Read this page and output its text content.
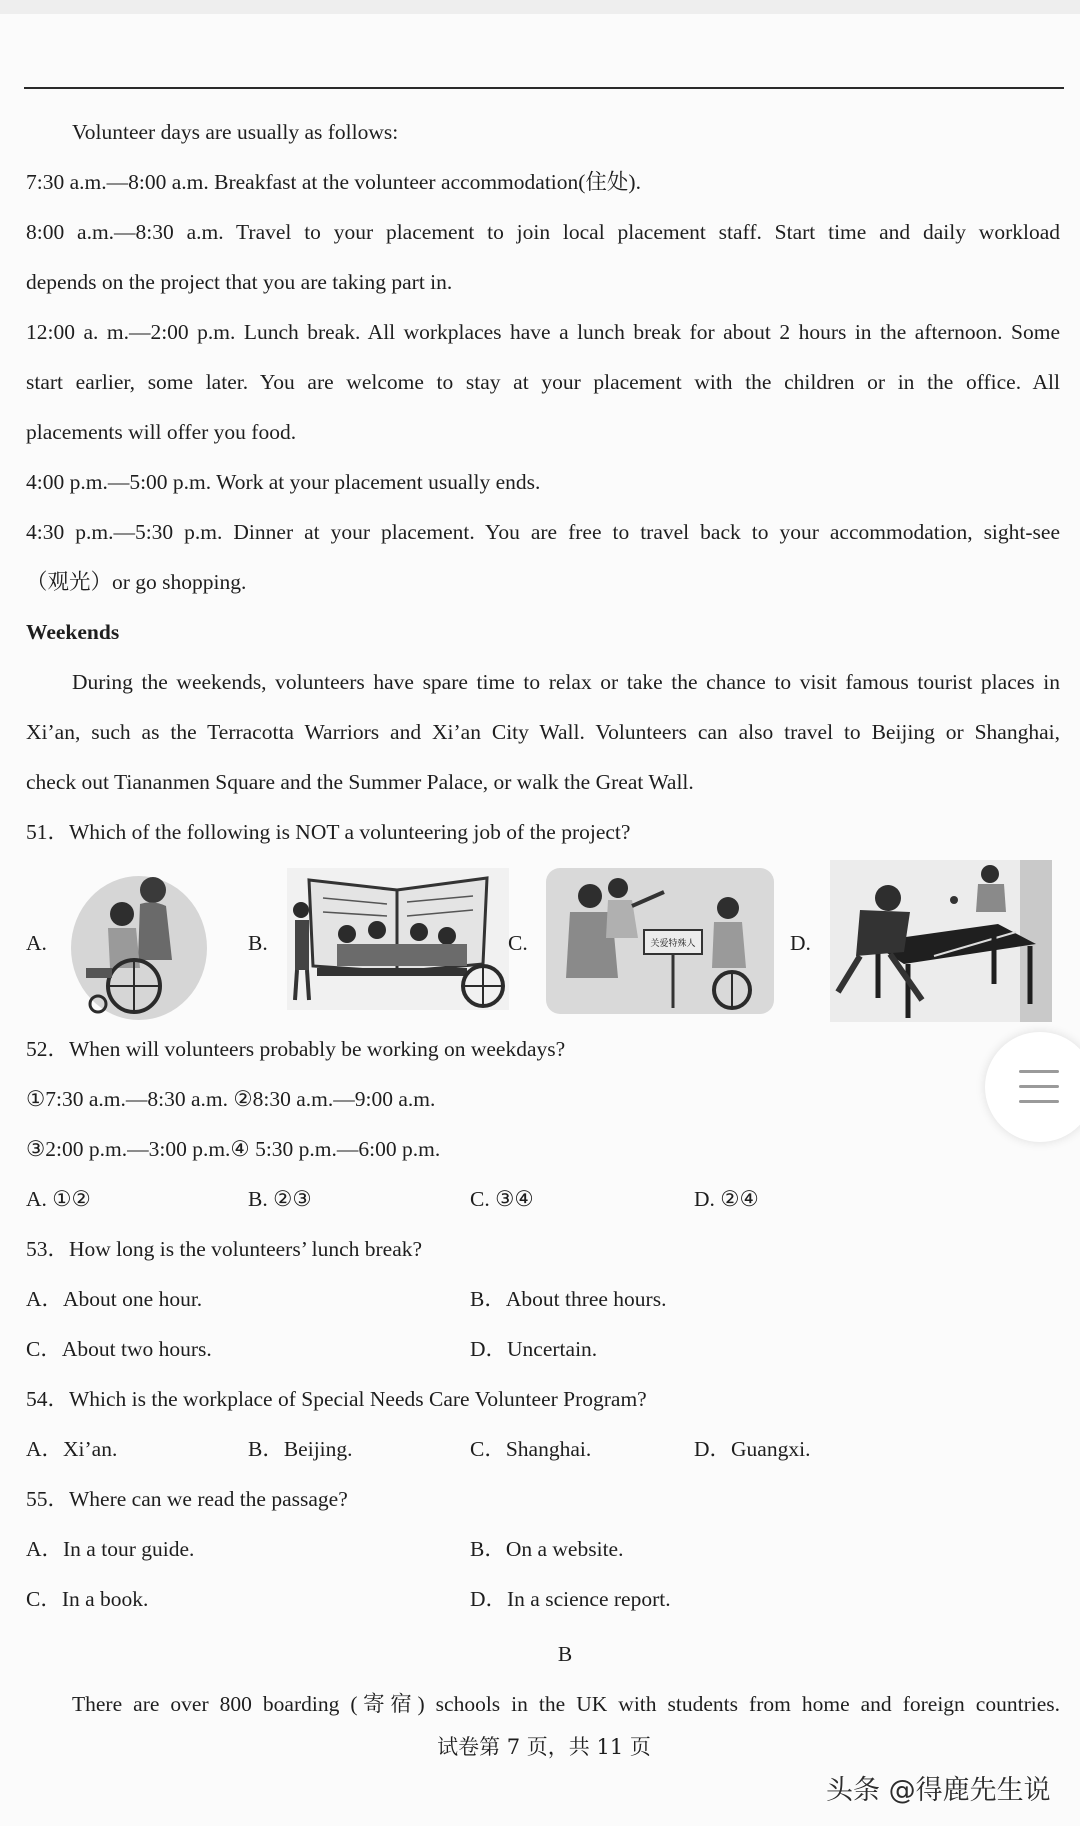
Volunteer days are usually as follows:
7:30 a.m.—8:00 a.m. Breakfast at the volunteer accommodation(住处).
8:00 a.m.—8:30 a.m. Travel to your placement to join local placement staff. Start time and daily workload
depends on the project that you are taking part in.
12:00 a. m.—2:00 p.m. Lunch break. All workplaces have a lunch break for about 2 hours in the afternoon. Some
start earlier, some later. You are welcome to stay at your placement with the children or in the office. All
placements will offer you food.
4:00 p.m.—5:00 p.m. Work at your placement usually ends.
4:30 p.m.—5:30 p.m. Dinner at your placement. You are free to travel back to your accommodation, sight-see
（观光）or go shopping.
Weekends
During the weekends, volunteers have spare time to relax or take the chance to visit famous tourist places in
Xi’an, such as the Terracotta Warriors and Xi’an City Wall. Volunteers can also travel to Beijing or Shanghai,
check out Tiananmen Square and the Summer Palace, or walk the Great Wall.
51．Which of the following is NOT a volunteering job of the project?
A.	B.	C.	关爱特殊人	D.
52．When will volunteers probably be working on weekdays?
①7:30 a.m.—8:30 a.m. ②8:30 a.m.—9:00 a.m.
③2:00 p.m.—3:00 p.m.④ 5:30 p.m.—6:00 p.m.
A. ①②	B. ②③	C. ③④	D. ②④
53．How long is the volunteers’ lunch break?
A．About one hour.	B．About three hours.
C．About two hours.	D．Uncertain.
54．Which is the workplace of Special Needs Care Volunteer Program?
A．Xi’an.	B．Beijing.	C．Shanghai.	D．Guangxi.
55．Where can we read the passage?
A．In a tour guide.	B．On a website.
C．In a book.	D．In a science report.
B
There are over 800 boarding (寄宿) schools in the UK with students from home and foreign countries.
试卷第 7 页，共 11 页
头条 @得鹿先生说
